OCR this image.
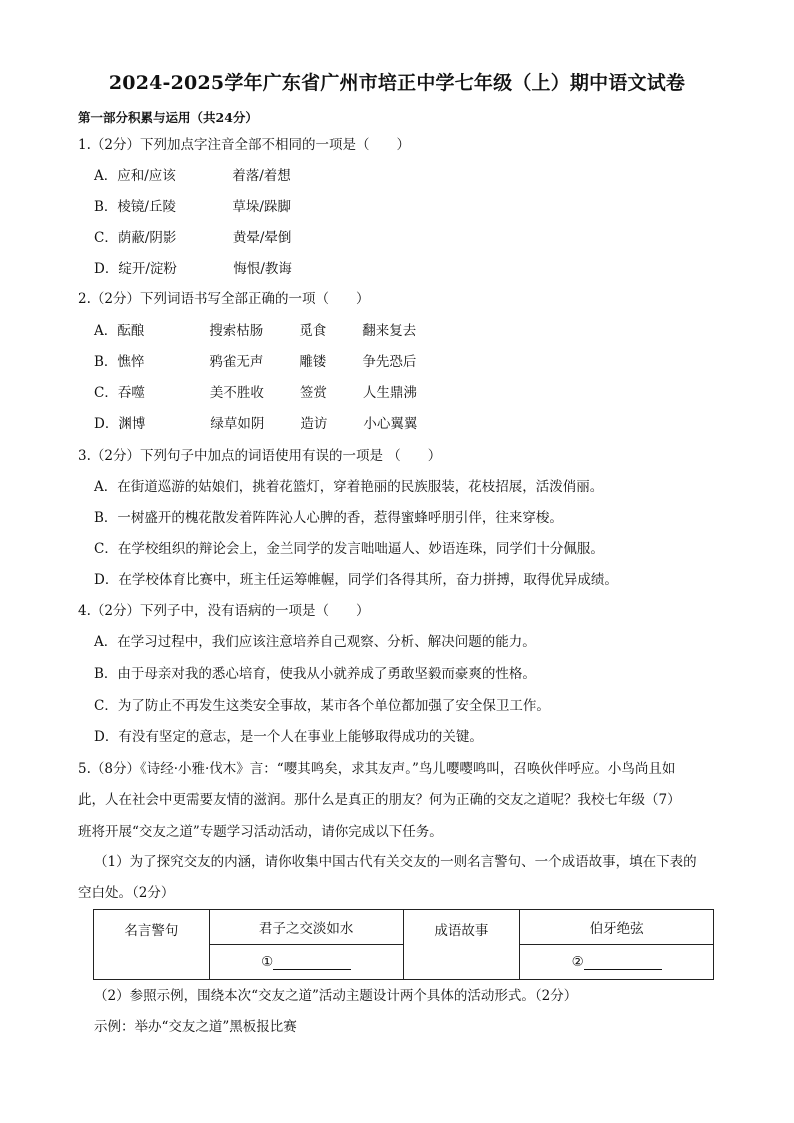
2024-2025学年广东省广州市培正中学七年级（上）期中语文试卷
第一部分积累与运用（共24分）
1.（2分）下列加点字注音全部不相同的一项是（　　）
A．应和/应该	着落/着想
B．棱镜/丘陵	草垛/跺脚
C．荫蔽/阴影	黄晕/晕倒
D．绽开/淀粉	悔恨/教诲
2.（2分）下列词语书写全部正确的一项（　　）
A．酝酿	搜索枯肠	觅食	翻来复去
B．憔悴	鸦雀无声	雕镂	争先恐后
C．吞噬	美不胜收	签赏	人生鼎沸
D．渊博	绿草如阴	造访	小心翼翼
3.（2分）下列句子中加点的词语使用有误的一项是 （　　）
A．在街道巡游的姑娘们，挑着花篮灯，穿着艳丽的民族服装，花枝招展，活泼俏丽。
B．一树盛开的槐花散发着阵阵沁人心脾的香，惹得蜜蜂呼朋引伴，往来穿梭。
C．在学校组织的辩论会上，金兰同学的发言咄咄逼人、妙语连珠，同学们十分佩服。
D．在学校体育比赛中，班主任运筹帷幄，同学们各得其所，奋力拼搏，取得优异成绩。
4.（2分）下列子中，没有语病的一项是（　　）
A．在学习过程中，我们应该注意培养自己观察、分析、解决问题的能力。
B．由于母亲对我的悉心培育，使我从小就养成了勇敢坚毅而豪爽的性格。
C．为了防止不再发生这类安全事故，某市各个单位都加强了安全保卫工作。
D．有没有坚定的意志，是一个人在事业上能够取得成功的关键。
5.（8分）《诗经·小雅·伐木》言：“嘤其鸣矣，求其友声。”鸟儿嘤嘤鸣叫，召唤伙伴呼应。小鸟尚且如
此，人在社会中更需要友情的滋润。那什么是真正的朋友？何为正确的交友之道呢？我校七年级（7）
班将开展“交友之道”专题学习活动活动，请你完成以下任务。
（1）为了探究交友的内涵，请你收集中国古代有关交友的一则名言警句、一个成语故事，填在下表的
空白处。（2分）
名言警句	君子之交淡如水	成语故事	伯牙绝弦
	①		②
（2）参照示例，围绕本次“交友之道”活动主题设计两个具体的活动形式。（2分）
示例：举办“交友之道”黑板报比赛
